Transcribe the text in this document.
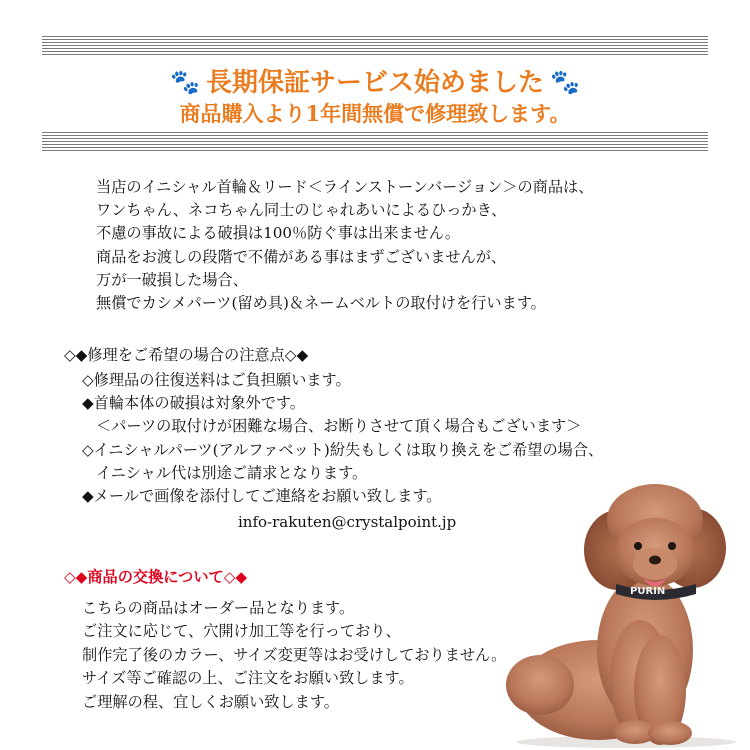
🐾 長期保証サービス始めました 🐾
商品購入より1年間無償で修理致します。
当店のイニシャル首輪＆リード＜ラインストーンバージョン＞の商品は、
ワンちゃん、ネコちゃん同士のじゃれあいによるひっかき、
不慮の事故による破損は100％防ぐ事は出来ません。
商品をお渡しの段階で不備がある事はまずございませんが、
万が一破損した場合、
無償でカシメパーツ(留め具)＆ネームベルトの取付けを行います。
◇◆修理をご希望の場合の注意点◇◆
◇修理品の往復送料はご負担願います。
◆首輪本体の破損は対象外です。
＜パーツの取付けが困難な場合、お断りさせて頂く場合もございます＞
◇イニシャルパーツ(アルファベット)紛失もしくは取り換えをご希望の場合、
イニシャル代は別途ご請求となります。
◆メールで画像を添付してご連絡をお願い致します。
info-rakuten@crystalpoint.jp
◇◆商品の交換について◇◆
こちらの商品はオーダー品となります。
ご注文に応じて、穴開け加工等を行っており、
制作完了後のカラー、サイズ変更等はお受けしておりません。
サイズ等ご確認の上、ご注文をお願い致します。
ご理解の程、宜しくお願い致します。
PURIN
